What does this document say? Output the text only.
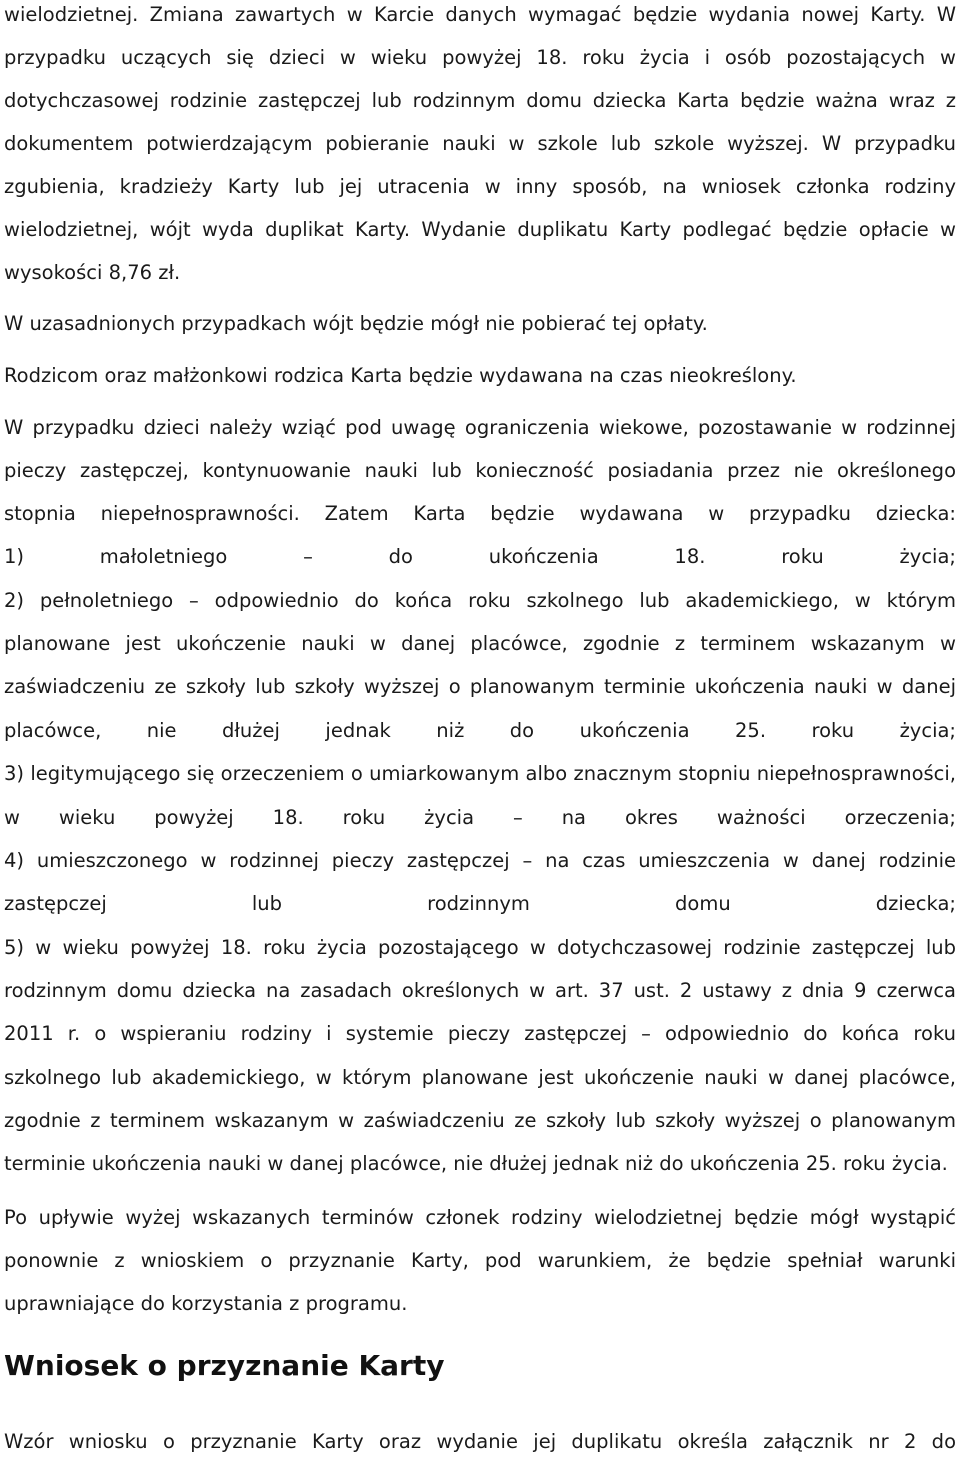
wielodzietnej. Zmiana zawartych w Karcie danych wymagać będzie wydania nowej Karty. W
przypadku uczących się dzieci w wieku powyżej 18. roku życia i osób pozostających w
dotychczasowej rodzinie zastępczej lub rodzinnym domu dziecka Karta będzie ważna wraz z
dokumentem potwierdzającym pobieranie nauki w szkole lub szkole wyższej. W przypadku
zgubienia, kradzieży Karty lub jej utracenia w inny sposób, na wniosek członka rodziny
wielodzietnej, wójt wyda duplikat Karty. Wydanie duplikatu Karty podlegać będzie opłacie w
wysokości 8,76 zł.
W uzasadnionych przypadkach wójt będzie mógł nie pobierać tej opłaty.
Rodzicom oraz małżonkowi rodzica Karta będzie wydawana na czas nieokreślony.
W przypadku dzieci należy wziąć pod uwagę ograniczenia wiekowe, pozostawanie w rodzinnej
pieczy zastępczej, kontynuowanie nauki lub konieczność posiadania przez nie określonego
stopnia niepełnosprawności. Zatem Karta będzie wydawana w przypadku dziecka:
1) małoletniego – do ukończenia 18. roku życia;
2) pełnoletniego – odpowiednio do końca roku szkolnego lub akademickiego, w którym
planowane jest ukończenie nauki w danej placówce, zgodnie z terminem wskazanym w
zaświadczeniu ze szkoły lub szkoły wyższej o planowanym terminie ukończenia nauki w danej
placówce, nie dłużej jednak niż do ukończenia 25. roku życia;
3) legitymującego się orzeczeniem o umiarkowanym albo znacznym stopniu niepełnosprawności,
w wieku powyżej 18. roku życia – na okres ważności orzeczenia;
4) umieszczonego w rodzinnej pieczy zastępczej – na czas umieszczenia w danej rodzinie
zastępczej lub rodzinnym domu dziecka;
5) w wieku powyżej 18. roku życia pozostającego w dotychczasowej rodzinie zastępczej lub
rodzinnym domu dziecka na zasadach określonych w art. 37 ust. 2 ustawy z dnia 9 czerwca
2011 r. o wspieraniu rodziny i systemie pieczy zastępczej – odpowiednio do końca roku
szkolnego lub akademickiego, w którym planowane jest ukończenie nauki w danej placówce,
zgodnie z terminem wskazanym w zaświadczeniu ze szkoły lub szkoły wyższej o planowanym
terminie ukończenia nauki w danej placówce, nie dłużej jednak niż do ukończenia 25. roku życia.
Po upływie wyżej wskazanych terminów członek rodziny wielodzietnej będzie mógł wystąpić
ponownie z wnioskiem o przyznanie Karty, pod warunkiem, że będzie spełniał warunki
uprawniające do korzystania z programu.
Wniosek o przyznanie Karty
Wzór wniosku o przyznanie Karty oraz wydanie jej duplikatu określa załącznik nr 2 do
